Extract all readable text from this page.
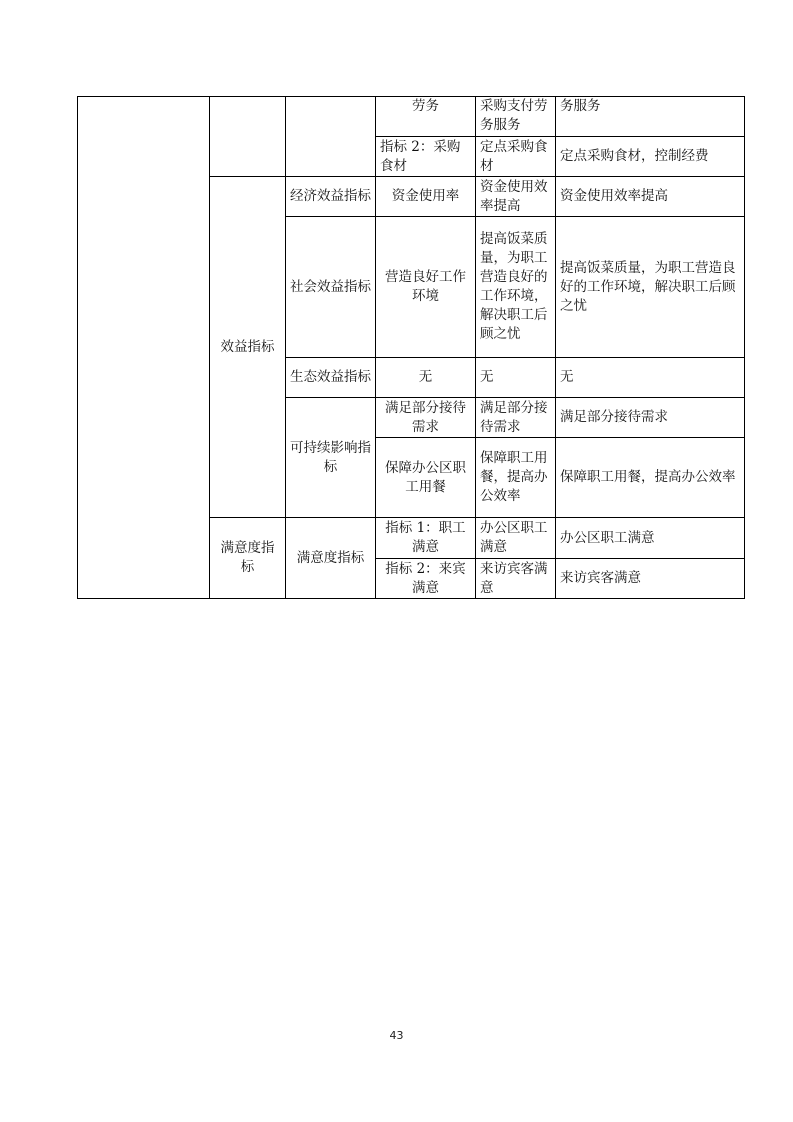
			劳务	采购支付劳务服务	务服务
			指标 2：采购食材	定点采购食材	定点采购食材，控制经费
	效益指标	经济效益指标	资金使用率	资金使用效率提高	资金使用效率提高
		社会效益指标	营造良好工作环境	提高饭菜质量，为职工营造良好的工作环境，解决职工后顾之忧	提高饭菜质量，为职工营造良好的工作环境，解决职工后顾之忧
		生态效益指标	无	无	无
		可持续影响指标	满足部分接待需求	满足部分接待需求	满足部分接待需求
			保障办公区职工用餐	保障职工用餐，提高办公效率	保障职工用餐，提高办公效率
	满意度指标	满意度指标	指标 1：职工满意	办公区职工满意	办公区职工满意
			指标 2：来宾满意	来访宾客满意	来访宾客满意
43
